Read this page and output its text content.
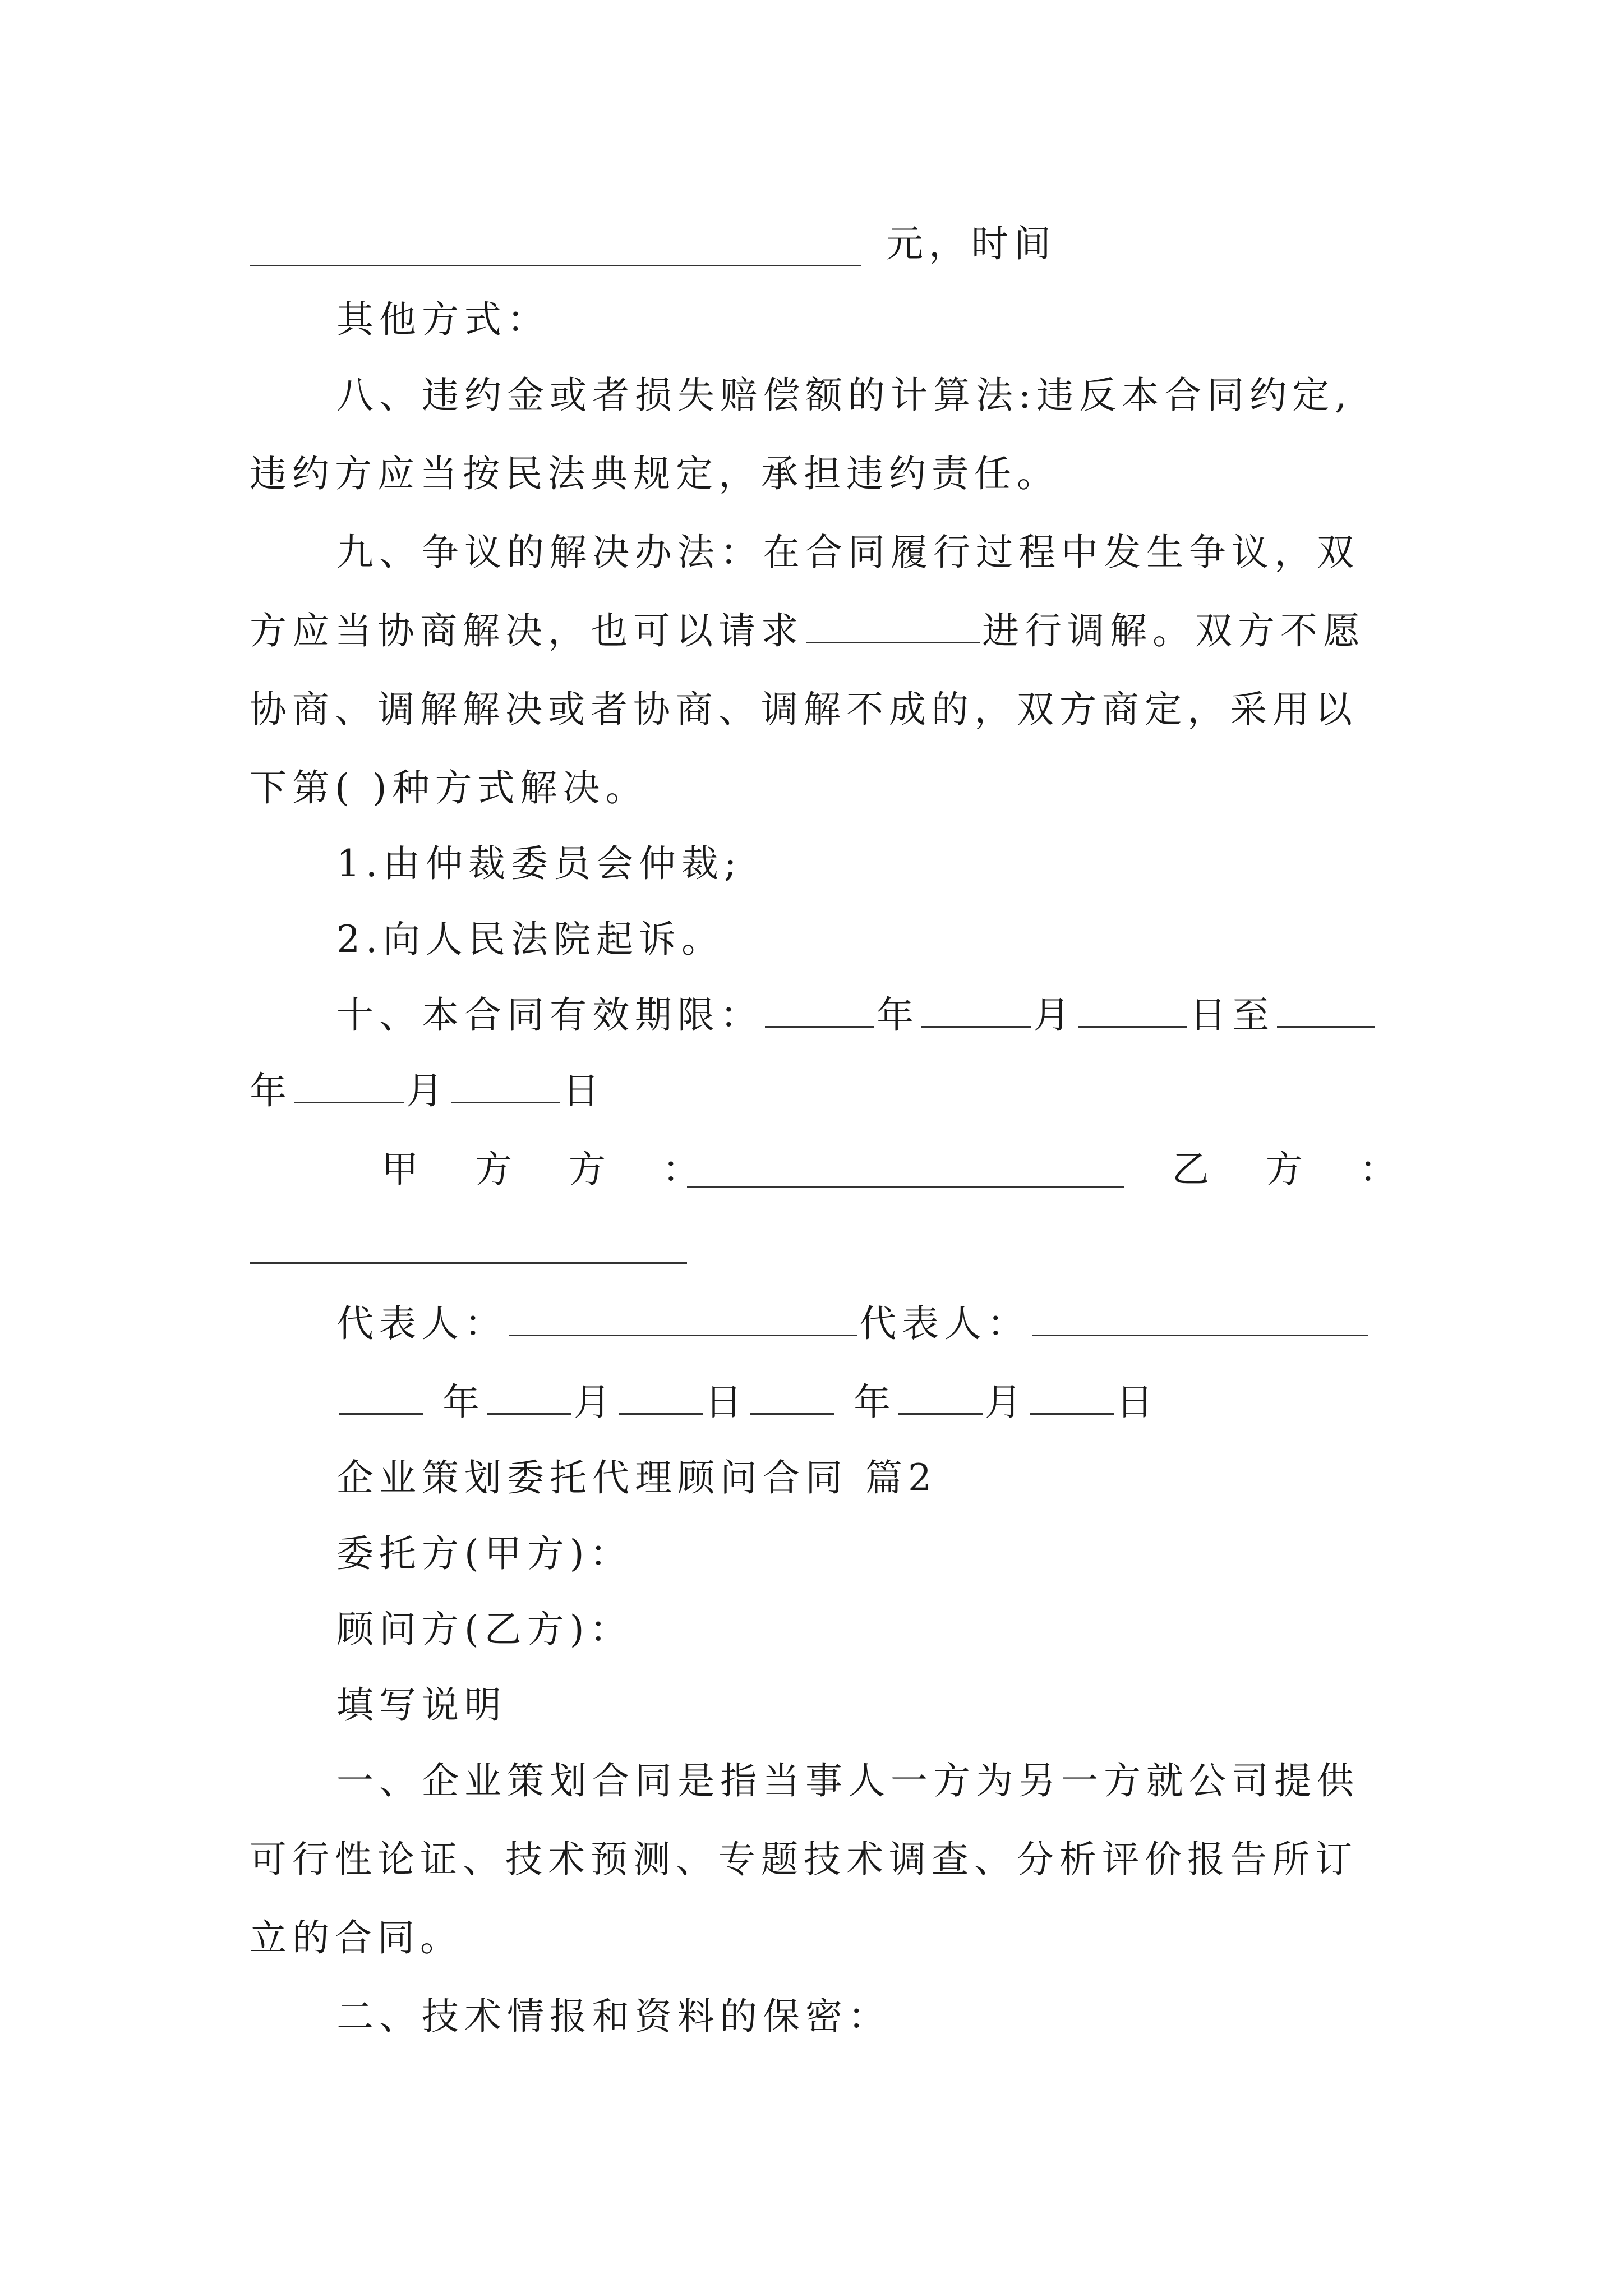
元，时间
其他方式：
八、违约金或者损失赔偿额的计算法:违反本合同约定,
违约方应当按民法典规定，承担违约责任。
九、争议的解决办法：在合同履行过程中发生争议，双
方应当协商解决，也可以请求	进行调解。双方不愿
协商、调解解决或者协商、调解不成的，双方商定，采用以
下第( )种方式解决。
1.由仲裁委员会仲裁;
2.向人民法院起诉。
十、本合同有效期限：	年	月	日至
年	月	日
甲 方 方 ：	乙 方 ：
代表人：	代表人：
年 月 日	年 月 日
企业策划委托代理顾问合同 篇2
委托方(甲方)：
顾问方(乙方)：
填写说明
一、企业策划合同是指当事人一方为另一方就公司提供
可行性论证、技术预测、专题技术调查、分析评价报告所订
立的合同。
二、技术情报和资料的保密：
